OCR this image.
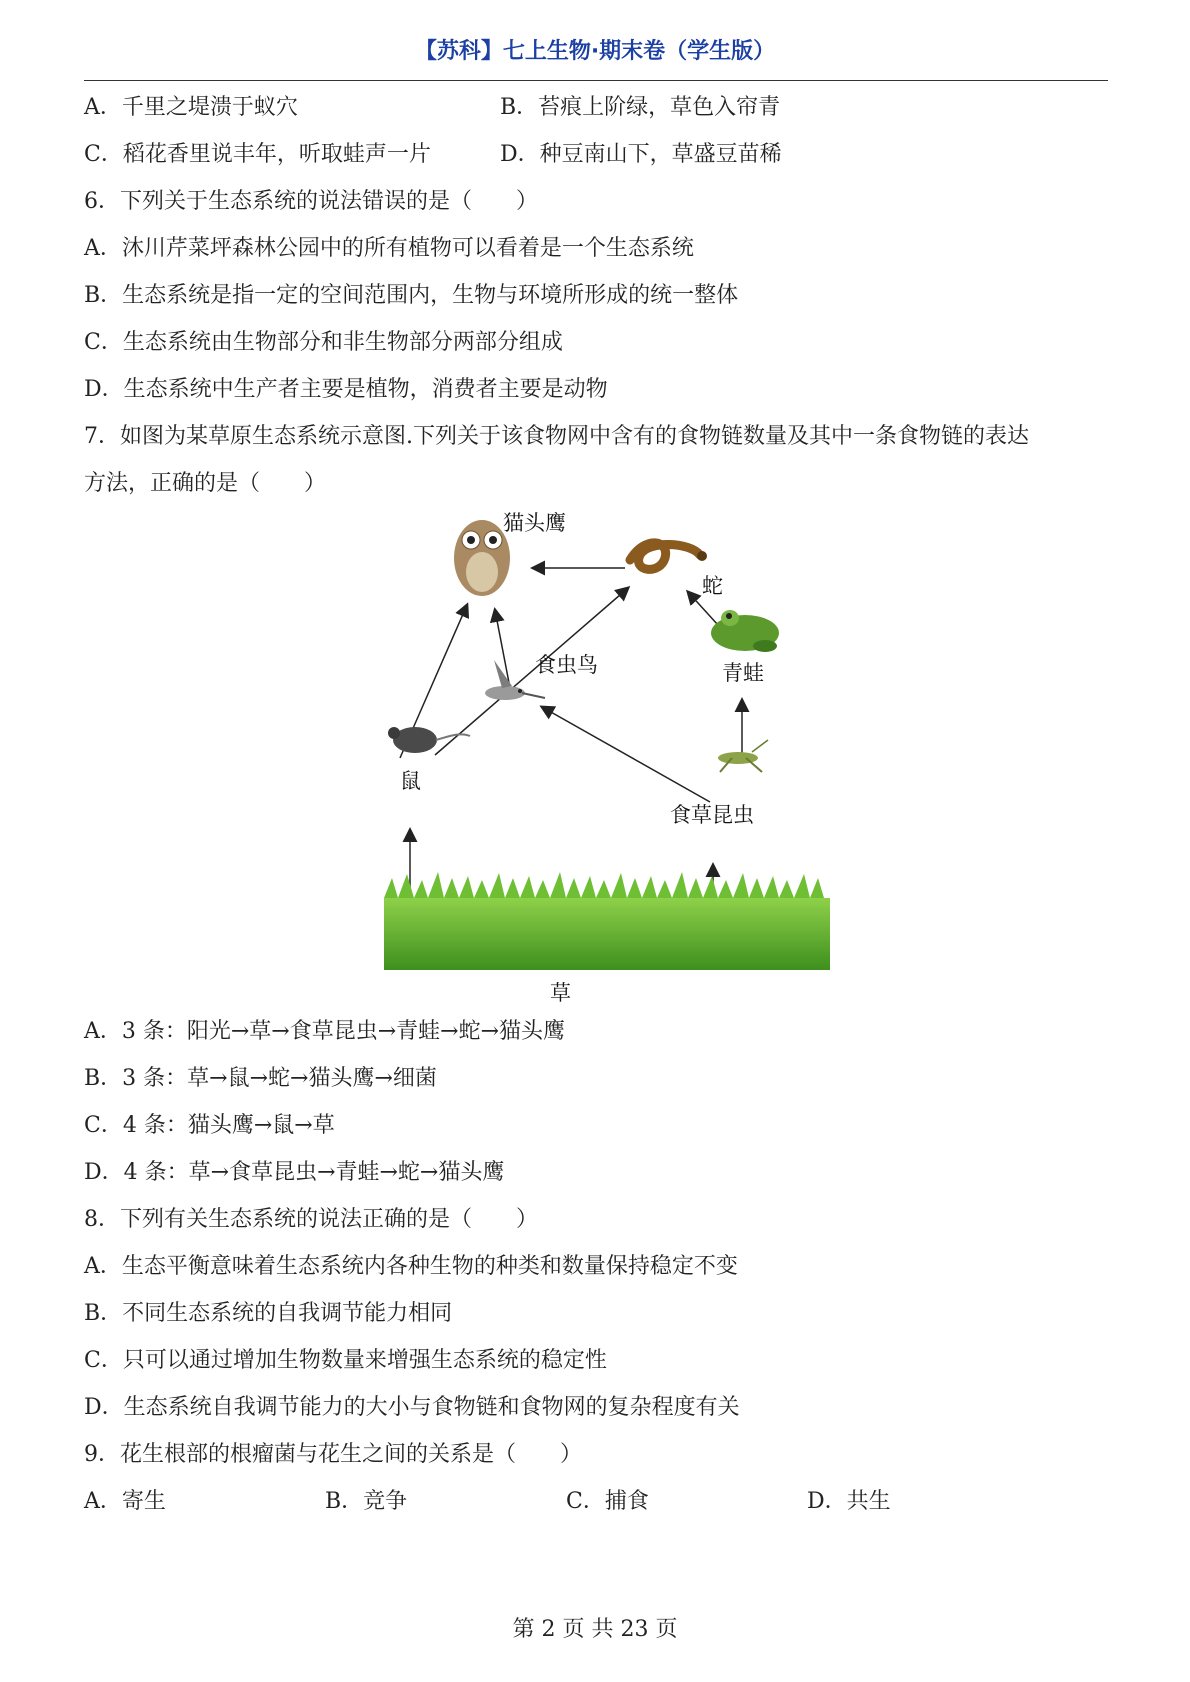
【苏科】七上生物·期末卷（学生版）
A．千里之堤溃于蚁穴	B．苔痕上阶绿，草色入帘青
C．稻花香里说丰年，听取蛙声一片	D．种豆南山下，草盛豆苗稀
6．下列关于生态系统的说法错误的是（　　）
A．沐川芹菜坪森林公园中的所有植物可以看着是一个生态系统
B．生态系统是指一定的空间范围内，生物与环境所形成的统一整体
C．生态系统由生物部分和非生物部分两部分组成
D．生态系统中生产者主要是植物，消费者主要是动物
7．如图为某草原生态系统示意图.下列关于该食物网中含有的食物链数量及其中一条食物链的表达
方法，正确的是（　　）
猫头鹰
蛇
青蛙
食虫鸟
鼠
食草昆虫
草
A．3 条：阳光→草→食草昆虫→青蛙→蛇→猫头鹰
B．3 条：草→鼠→蛇→猫头鹰→细菌
C．4 条：猫头鹰→鼠→草
D．4 条：草→食草昆虫→青蛙→蛇→猫头鹰
8．下列有关生态系统的说法正确的是（　　）
A．生态平衡意味着生态系统内各种生物的种类和数量保持稳定不变
B．不同生态系统的自我调节能力相同
C．只可以通过增加生物数量来增强生态系统的稳定性
D．生态系统自我调节能力的大小与食物链和食物网的复杂程度有关
9．花生根部的根瘤菌与花生之间的关系是（　　）
A．寄生	B．竞争	C．捕食	D．共生
第 2 页 共 23 页
